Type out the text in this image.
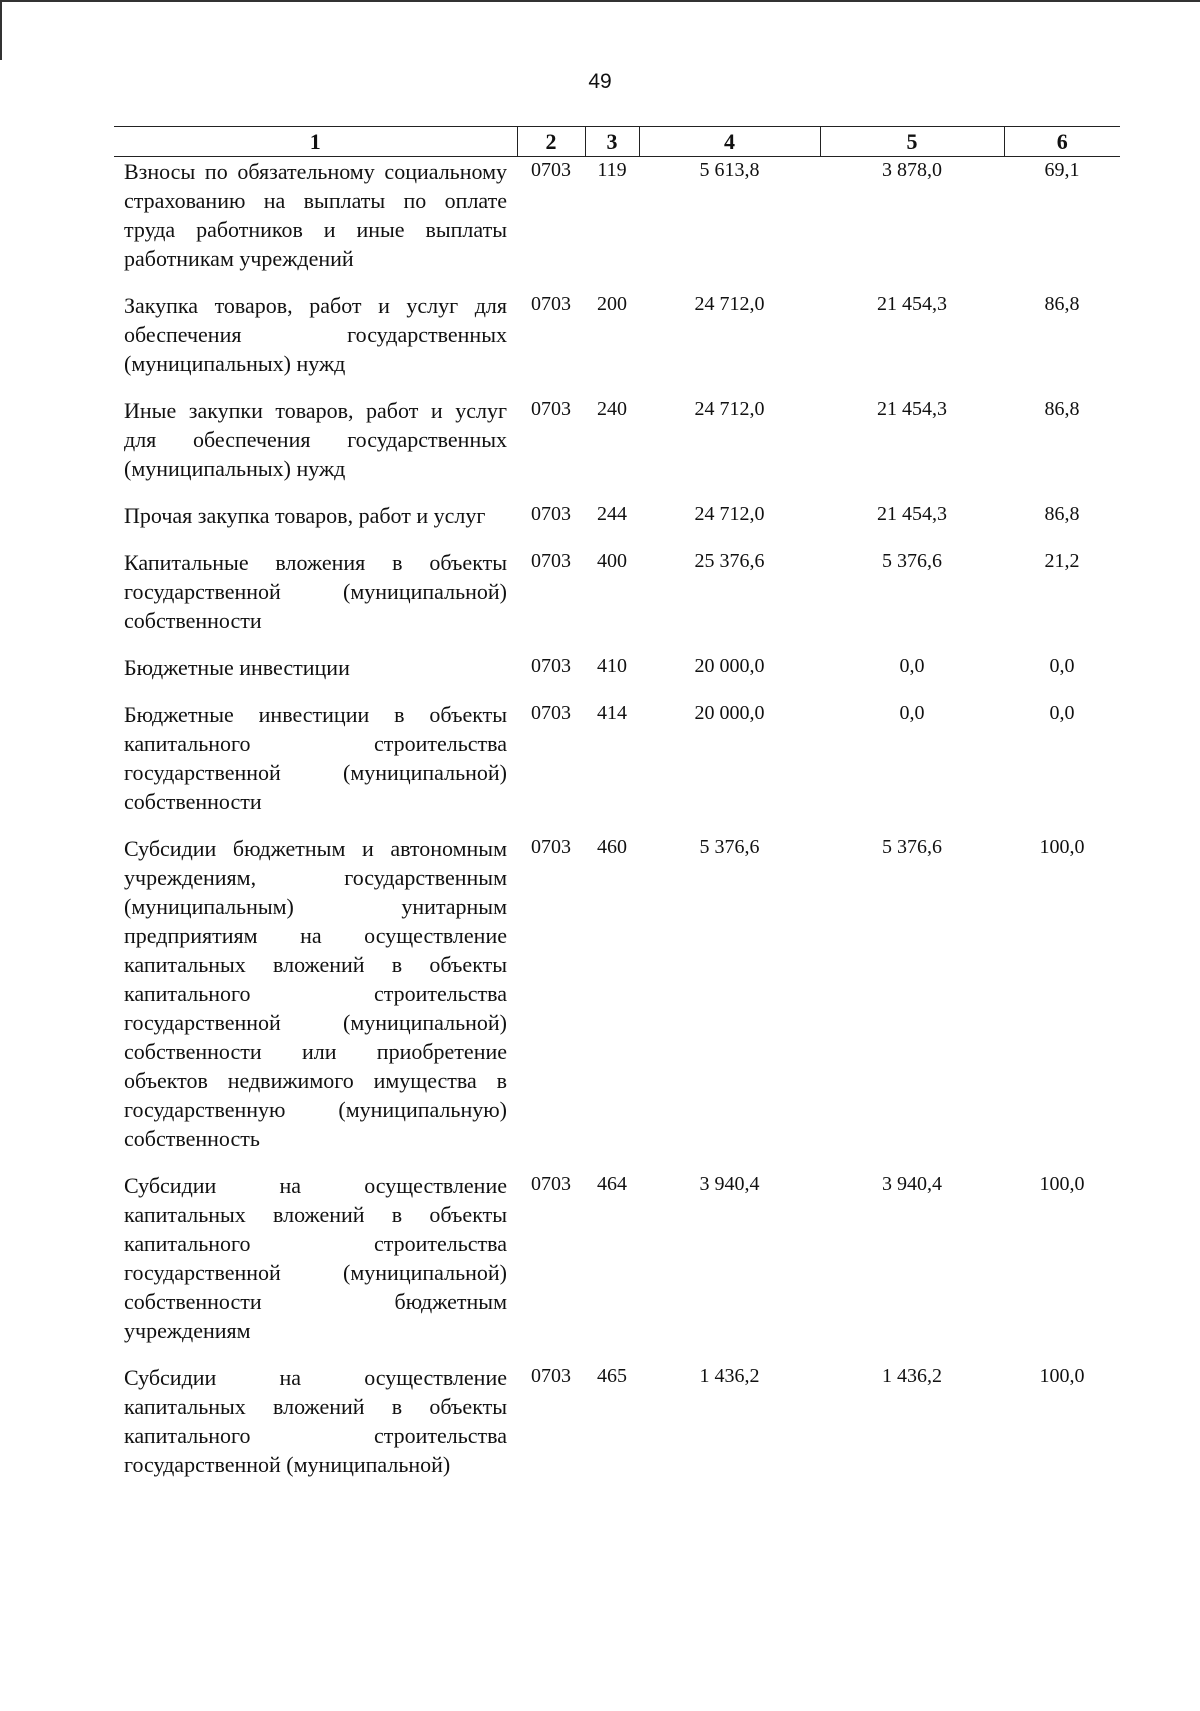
49
1	2	3	4	5	6
Взносы по обязательному социальному страхованию на выплаты по оплате труда работников и иные выплаты работникам учреждений	0703	119	5 613,8	3 878,0	69,1
Закупка товаров, работ и услуг для обеспечения государственных (муниципальных) нужд	0703	200	24 712,0	21 454,3	86,8
Иные закупки товаров, работ и услуг для обеспечения государственных (муниципальных) нужд	0703	240	24 712,0	21 454,3	86,8
Прочая закупка товаров, работ и услуг	0703	244	24 712,0	21 454,3	86,8
Капитальные вложения в объекты государственной (муниципальной) собственности	0703	400	25 376,6	5 376,6	21,2
Бюджетные инвестиции	0703	410	20 000,0	0,0	0,0
Бюджетные инвестиции в объекты капитального строительства государственной (муниципальной) собственности	0703	414	20 000,0	0,0	0,0
Субсидии бюджетным и автономным учреждениям, государственным (муниципальным) унитарным предприятиям на осуществление капитальных вложений в объекты капитального строительства государственной (муниципальной) собственности или приобретение объектов недвижимого имущества в государственную (муниципальную) собственность	0703	460	5 376,6	5 376,6	100,0
Субсидии на осуществление капитальных вложений в объекты капитального строительства государственной (муниципальной) собственности бюджетным учреждениям	0703	464	3 940,4	3 940,4	100,0
Субсидии на осуществление капитальных вложений в объекты капитального строительства государственной (муниципальной)	0703	465	1 436,2	1 436,2	100,0
